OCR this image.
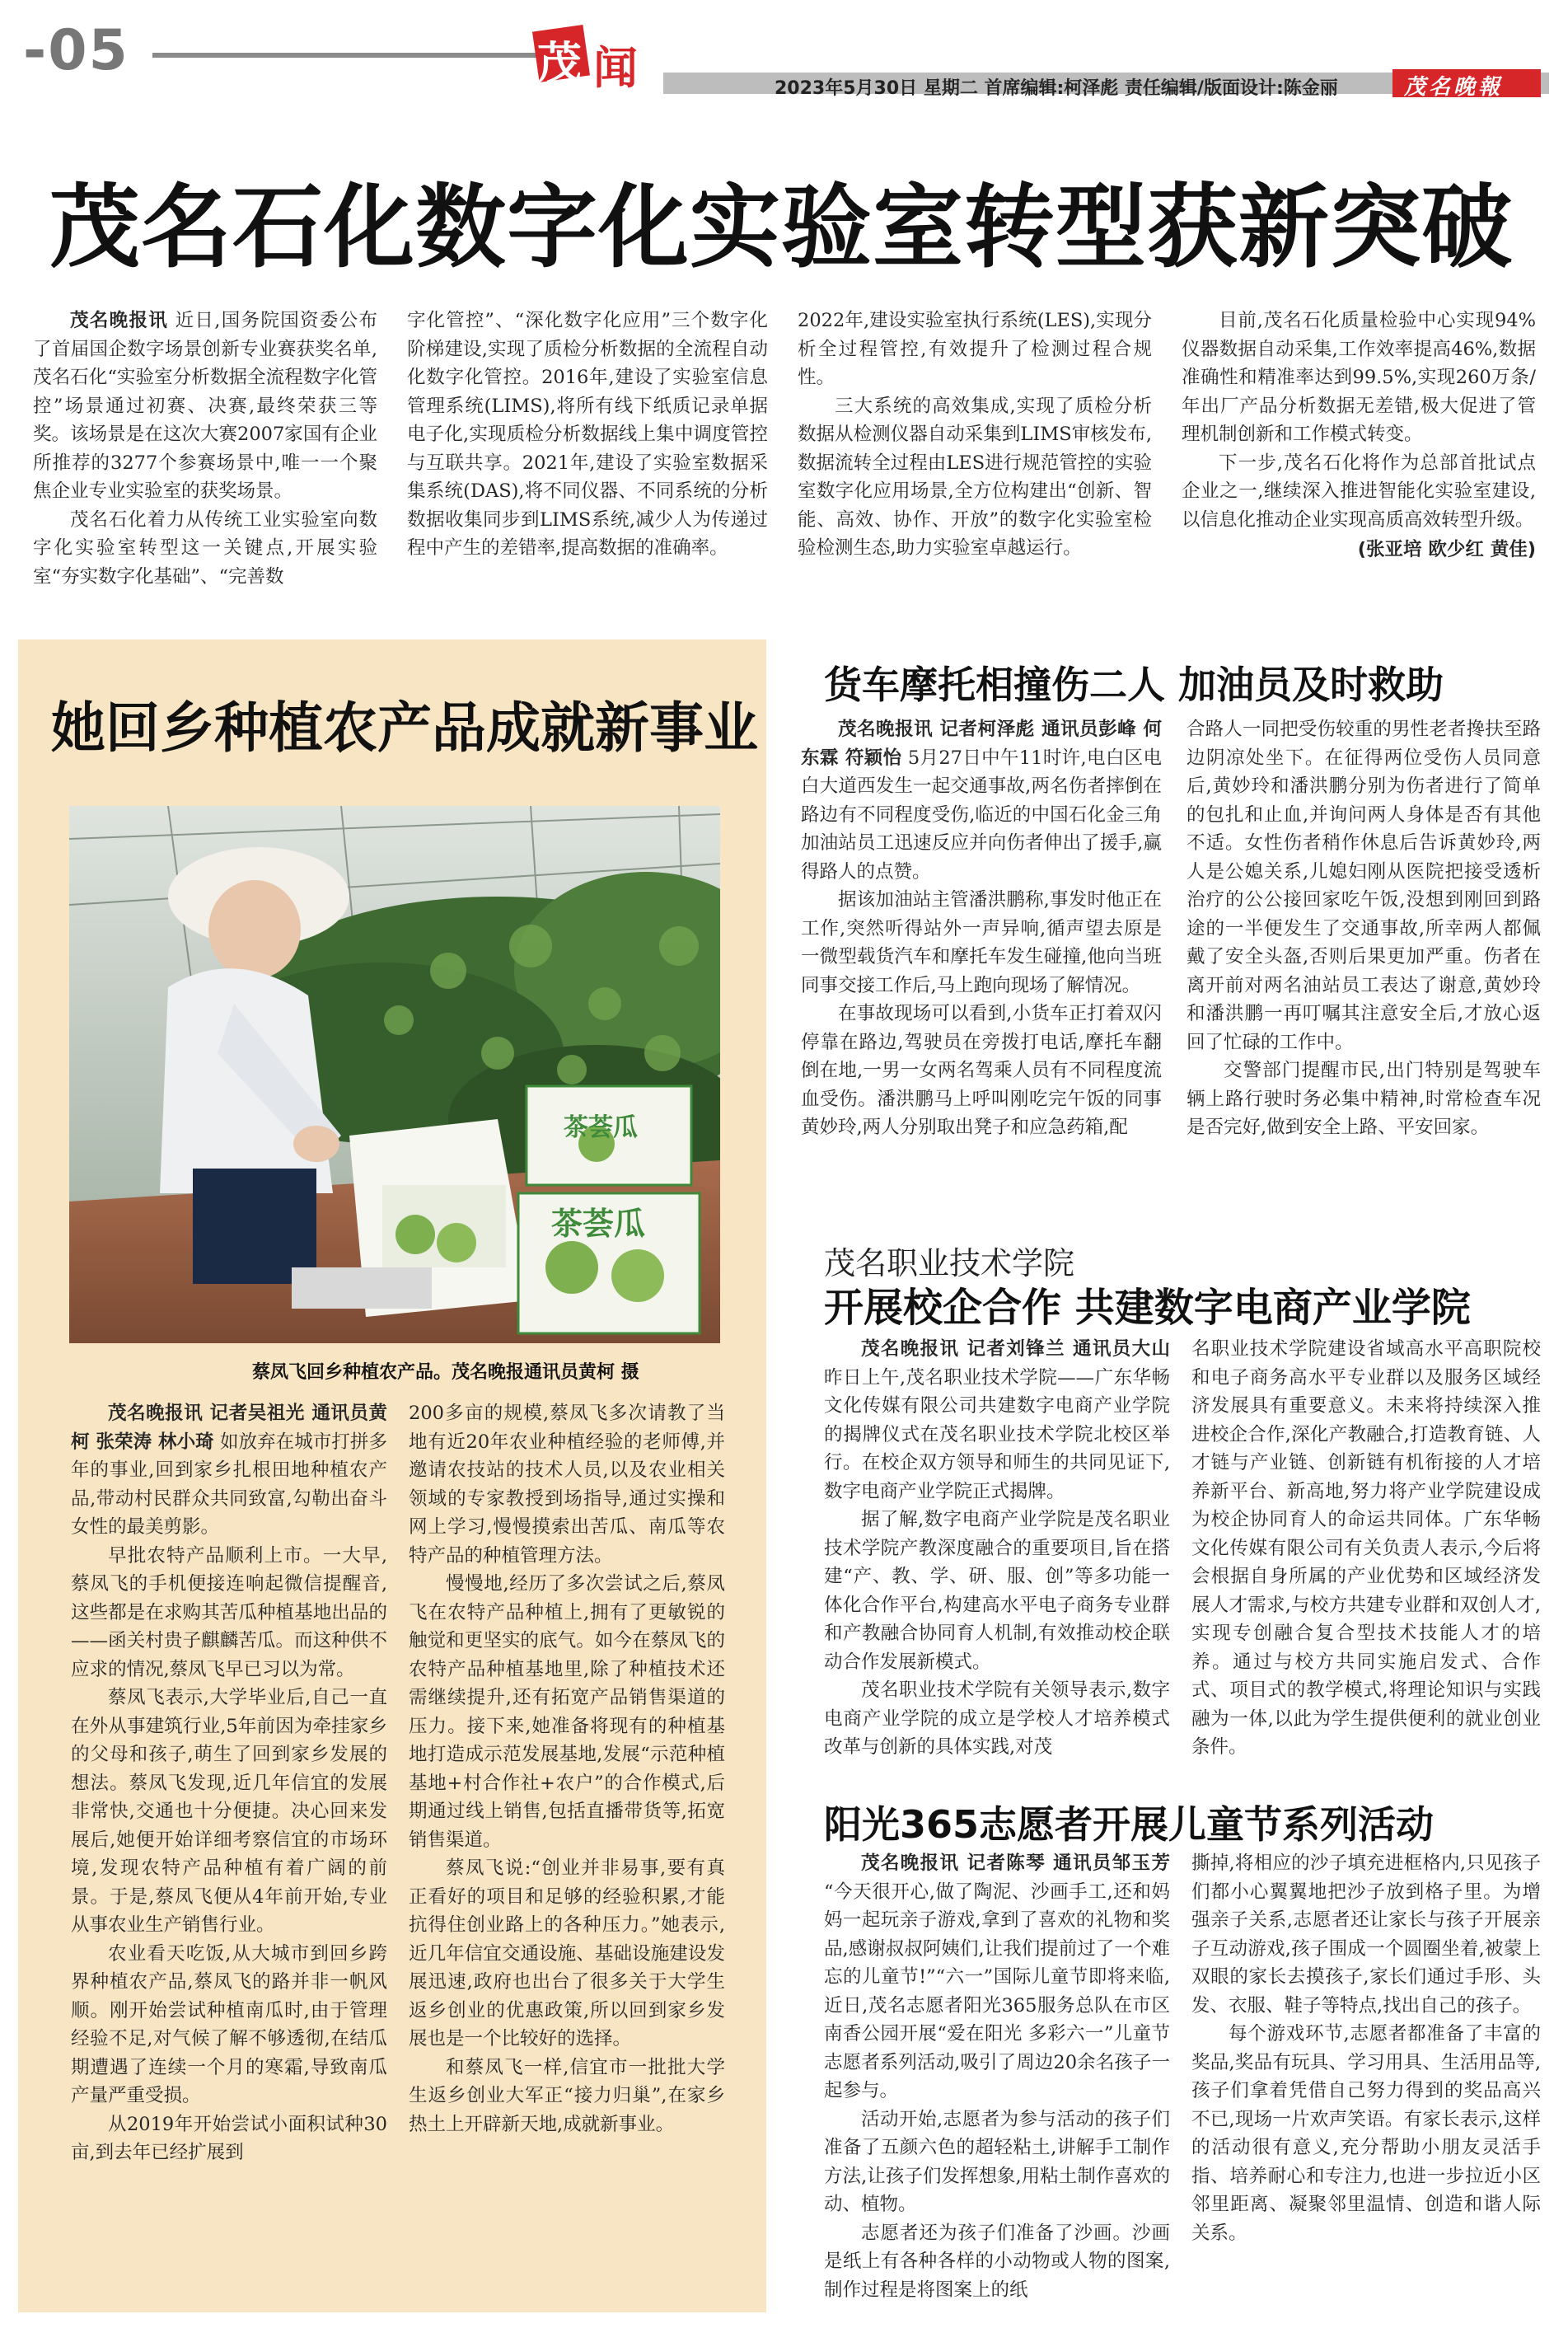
-05	茂 闻	2023年5月30日 星期二 首席编辑:柯泽彪 责任编辑/版面设计:陈金丽	茂名晚報
茂名石化数字化实验室转型获新突破

茂名晚报讯 近日,国务院国资委公布了首届国企数字场景创新专业赛获奖名单,茂名石化“实验室分析数据全流程数字化管控”场景通过初赛、决赛,最终荣获三等奖。该场景是在这次大赛2007家国有企业所推荐的3277个参赛场景中,唯一一个聚焦企业专业实验室的获奖场景。

茂名石化着力从传统工业实验室向数字化实验室转型这一关键点,开展实验室“夯实数字化基础”、“完善数

字化管控”、“深化数字化应用”三个数字化阶梯建设,实现了质检分析数据的全流程自动化数字化管控。2016年,建设了实验室信息管理系统(LIMS),将所有线下纸质记录单据电子化,实现质检分析数据线上集中调度管控与互联共享。2021年,建设了实验室数据采集系统(DAS),将不同仪器、不同系统的分析数据收集同步到LIMS系统,减少人为传递过程中产生的差错率,提高数据的准确率。

2022年,建设实验室执行系统(LES),实现分析全过程管控,有效提升了检测过程合规性。

三大系统的高效集成,实现了质检分析数据从检测仪器自动采集到LIMS审核发布,数据流转全过程由LES进行规范管控的实验室数字化应用场景,全方位构建出“创新、智能、高效、协作、开放”的数字化实验室检验检测生态,助力实验室卓越运行。

目前,茂名石化质量检验中心实现94%仪器数据自动采集,工作效率提高46%,数据准确性和精准率达到99.5%,实现260万条/年出厂产品分析数据无差错,极大促进了管理机制创新和工作模式转变。

下一步,茂名石化将作为总部首批试点企业之一,继续深入推进智能化实验室建设,以信息化推动企业实现高质高效转型升级。

(张亚培 欧少红 黄佳)
她回乡种植农产品成就新事业
茶荟瓜
茶荟瓜
蔡凤飞回乡种植农产品。茂名晚报通讯员黄柯 摄

茂名晚报讯 记者吴祖光 通讯员黄柯 张荣涛 林小琦 如放弃在城市打拼多年的事业,回到家乡扎根田地种植农产品,带动村民群众共同致富,勾勒出奋斗女性的最美剪影。

早批农特产品顺利上市。一大早,蔡凤飞的手机便接连响起微信提醒音,这些都是在求购其苦瓜种植基地出品的——函关村贵子麒麟苦瓜。而这种供不应求的情况,蔡凤飞早已习以为常。

蔡凤飞表示,大学毕业后,自己一直在外从事建筑行业,5年前因为牵挂家乡的父母和孩子,萌生了回到家乡发展的想法。蔡凤飞发现,近几年信宜的发展非常快,交通也十分便捷。决心回来发展后,她便开始详细考察信宜的市场环境,发现农特产品种植有着广阔的前景。于是,蔡凤飞便从4年前开始,专业从事农业生产销售行业。

农业看天吃饭,从大城市到回乡跨界种植农产品,蔡凤飞的路并非一帆风顺。刚开始尝试种植南瓜时,由于管理经验不足,对气候了解不够透彻,在结瓜期遭遇了连续一个月的寒霜,导致南瓜产量严重受损。

从2019年开始尝试小面积试种30亩,到去年已经扩展到

200多亩的规模,蔡凤飞多次请教了当地有近20年农业种植经验的老师傅,并邀请农技站的技术人员,以及农业相关领域的专家教授到场指导,通过实操和网上学习,慢慢摸索出苦瓜、南瓜等农特产品的种植管理方法。

慢慢地,经历了多次尝试之后,蔡凤飞在农特产品种植上,拥有了更敏锐的触觉和更坚实的底气。如今在蔡凤飞的农特产品种植基地里,除了种植技术还需继续提升,还有拓宽产品销售渠道的压力。接下来,她准备将现有的种植基地打造成示范发展基地,发展“示范种植基地+村合作社+农户”的合作模式,后期通过线上销售,包括直播带货等,拓宽销售渠道。

蔡凤飞说:“创业并非易事,要有真正看好的项目和足够的经验积累,才能抗得住创业路上的各种压力。”她表示,近几年信宜交通设施、基础设施建设发展迅速,政府也出台了很多关于大学生返乡创业的优惠政策,所以回到家乡发展也是一个比较好的选择。

和蔡凤飞一样,信宜市一批批大学生返乡创业大军正“接力归巢”,在家乡热土上开辟新天地,成就新事业。

货车摩托相撞伤二人 加油员及时救助

茂名晚报讯 记者柯泽彪 通讯员彭峰 何东霖 符颖怡 5月27日中午11时许,电白区电白大道西发生一起交通事故,两名伤者摔倒在路边有不同程度受伤,临近的中国石化金三角加油站员工迅速反应并向伤者伸出了援手,赢得路人的点赞。

据该加油站主管潘洪鹏称,事发时他正在工作,突然听得站外一声异响,循声望去原是一微型载货汽车和摩托车发生碰撞,他向当班同事交接工作后,马上跑向现场了解情况。

在事故现场可以看到,小货车正打着双闪停靠在路边,驾驶员在旁拨打电话,摩托车翻倒在地,一男一女两名驾乘人员有不同程度流血受伤。潘洪鹏马上呼叫刚吃完午饭的同事黄妙玲,两人分别取出凳子和应急药箱,配

合路人一同把受伤较重的男性老者搀扶至路边阴凉处坐下。在征得两位受伤人员同意后,黄妙玲和潘洪鹏分别为伤者进行了简单的包扎和止血,并询问两人身体是否有其他不适。女性伤者稍作休息后告诉黄妙玲,两人是公媳关系,儿媳妇刚从医院把接受透析治疗的公公接回家吃午饭,没想到刚回到路途的一半便发生了交通事故,所幸两人都佩戴了安全头盔,否则后果更加严重。伤者在离开前对两名油站员工表达了谢意,黄妙玲和潘洪鹏一再叮嘱其注意安全后,才放心返回了忙碌的工作中。

交警部门提醒市民,出门特别是驾驶车辆上路行驶时务必集中精神,时常检查车况是否完好,做到安全上路、平安回家。

茂名职业技术学院
开展校企合作 共建数字电商产业学院

茂名晚报讯 记者刘锋兰 通讯员大山 昨日上午,茂名职业技术学院——广东华畅文化传媒有限公司共建数字电商产业学院的揭牌仪式在茂名职业技术学院北校区举行。在校企双方领导和师生的共同见证下,数字电商产业学院正式揭牌。

据了解,数字电商产业学院是茂名职业技术学院产教深度融合的重要项目,旨在搭建“产、教、学、研、服、创”等多功能一体化合作平台,构建高水平电子商务专业群和产教融合协同育人机制,有效推动校企联动合作发展新模式。

茂名职业技术学院有关领导表示,数字电商产业学院的成立是学校人才培养模式改革与创新的具体实践,对茂

名职业技术学院建设省域高水平高职院校和电子商务高水平专业群以及服务区域经济发展具有重要意义。未来将持续深入推进校企合作,深化产教融合,打造教育链、人才链与产业链、创新链有机衔接的人才培养新平台、新高地,努力将产业学院建设成为校企协同育人的命运共同体。广东华畅文化传媒有限公司有关负责人表示,今后将会根据自身所属的产业优势和区域经济发展人才需求,与校方共建专业群和双创人才,实现专创融合复合型技术技能人才的培养。通过与校方共同实施启发式、合作式、项目式的教学模式,将理论知识与实践融为一体,以此为学生提供便利的就业创业条件。

阳光365志愿者开展儿童节系列活动

茂名晚报讯 记者陈琴 通讯员邹玉芳 “今天很开心,做了陶泥、沙画手工,还和妈妈一起玩亲子游戏,拿到了喜欢的礼物和奖品,感谢叔叔阿姨们,让我们提前过了一个难忘的儿童节!”“六一”国际儿童节即将来临,近日,茂名志愿者阳光365服务总队在市区南香公园开展“爱在阳光 多彩六一”儿童节志愿者系列活动,吸引了周边20余名孩子一起参与。

活动开始,志愿者为参与活动的孩子们准备了五颜六色的超轻粘土,讲解手工制作方法,让孩子们发挥想象,用粘土制作喜欢的动、植物。

志愿者还为孩子们准备了沙画。沙画是纸上有各种各样的小动物或人物的图案,制作过程是将图案上的纸

撕掉,将相应的沙子填充进框格内,只见孩子们都小心翼翼地把沙子放到格子里。为增强亲子关系,志愿者还让家长与孩子开展亲子互动游戏,孩子围成一个圆圈坐着,被蒙上双眼的家长去摸孩子,家长们通过手形、头发、衣服、鞋子等特点,找出自己的孩子。

每个游戏环节,志愿者都准备了丰富的奖品,奖品有玩具、学习用具、生活用品等,孩子们拿着凭借自己努力得到的奖品高兴不已,现场一片欢声笑语。有家长表示,这样的活动很有意义,充分帮助小朋友灵活手指、培养耐心和专注力,也进一步拉近小区邻里距离、凝聚邻里温情、创造和谐人际关系。
